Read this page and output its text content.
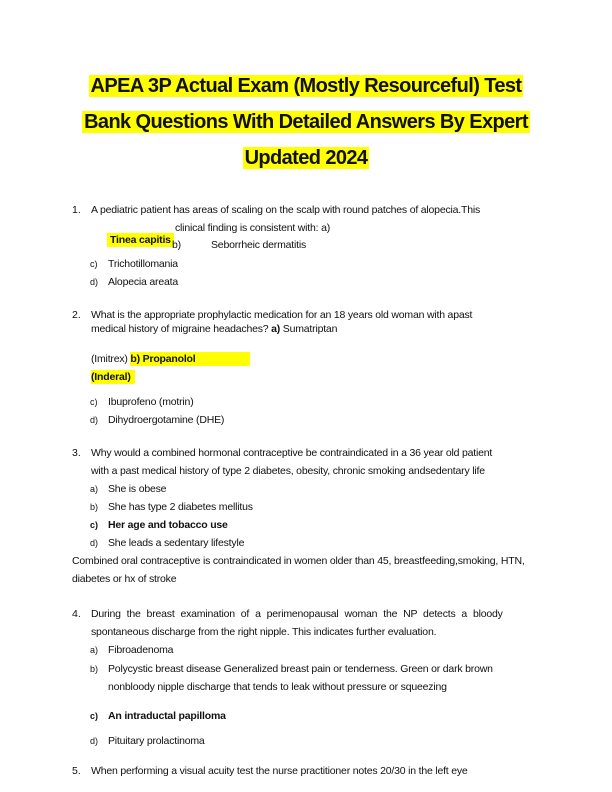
APEA 3P Actual Exam (Mostly Resourceful) Test
Bank Questions With Detailed Answers By Expert
Updated 2024
1. A pediatric patient has areas of scaling on the scalp with round patches of alopecia.This
clinical finding is consistent with: a)
Tinea capitis b)	Seborrheic dermatitis
c) Trichotillomania
d) Alopecia areata
2. What is the appropriate prophylactic medication for an 18 years old woman with apast
medical history of migraine headaches? a) Sumatriptan
(Imitrex) b) Propanolol
(Inderal)
c) Ibuprofeno (motrin)
d) Dihydroergotamine (DHE)
3. Why would a combined hormonal contraceptive be contraindicated in a 36 year old patient
with a past medical history of type 2 diabetes, obesity, chronic smoking andsedentary life
a) She is obese
b) She has type 2 diabetes mellitus
c) Her age and tobacco use
d) She leads a sedentary lifestyle
Combined oral contraceptive is contraindicated in women older than 45, breastfeeding,smoking, HTN,
diabetes or hx of stroke
4. During the breast examination of a perimenopausal woman the NP detects a bloody
spontaneous discharge from the right nipple. This indicates further evaluation.
a) Fibroadenoma
b) Polycystic breast disease Generalized breast pain or tenderness. Green or dark brown
nonbloody nipple discharge that tends to leak without pressure or squeezing
c) An intraductal papilloma
d) Pituitary prolactinoma
5. When performing a visual acuity test the nurse practitioner notes 20/30 in the left eye
